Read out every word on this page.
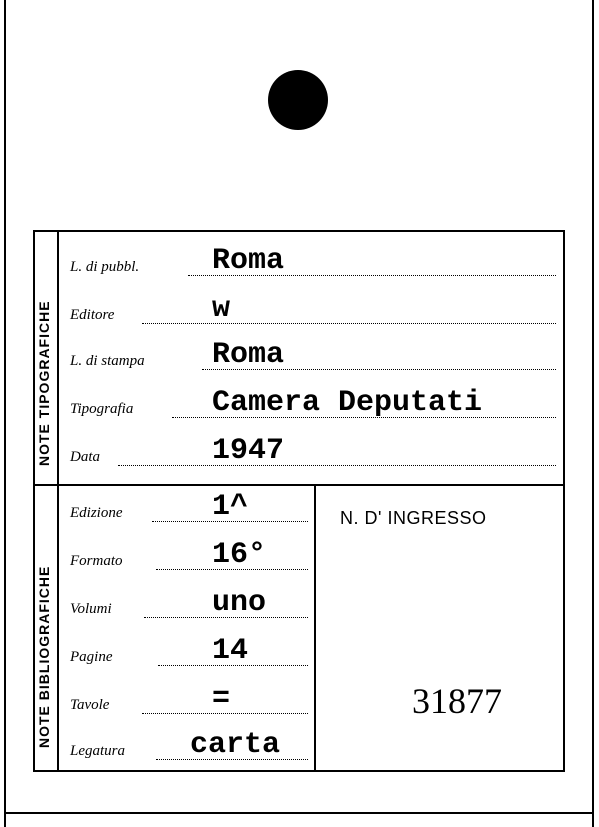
NOTE TIPOGRAFICHE
NOTE BIBLIOGRAFICHE
L. di pubbl. Roma
Editore	w
L. di stampa Roma
Tipografia	Camera Deputati
Data	1947
Edizione	1^
Formato	16°
Volumi	uno
Pagine	14
Tavole	=
Legatura carta
N. D' INGRESSO
31877
